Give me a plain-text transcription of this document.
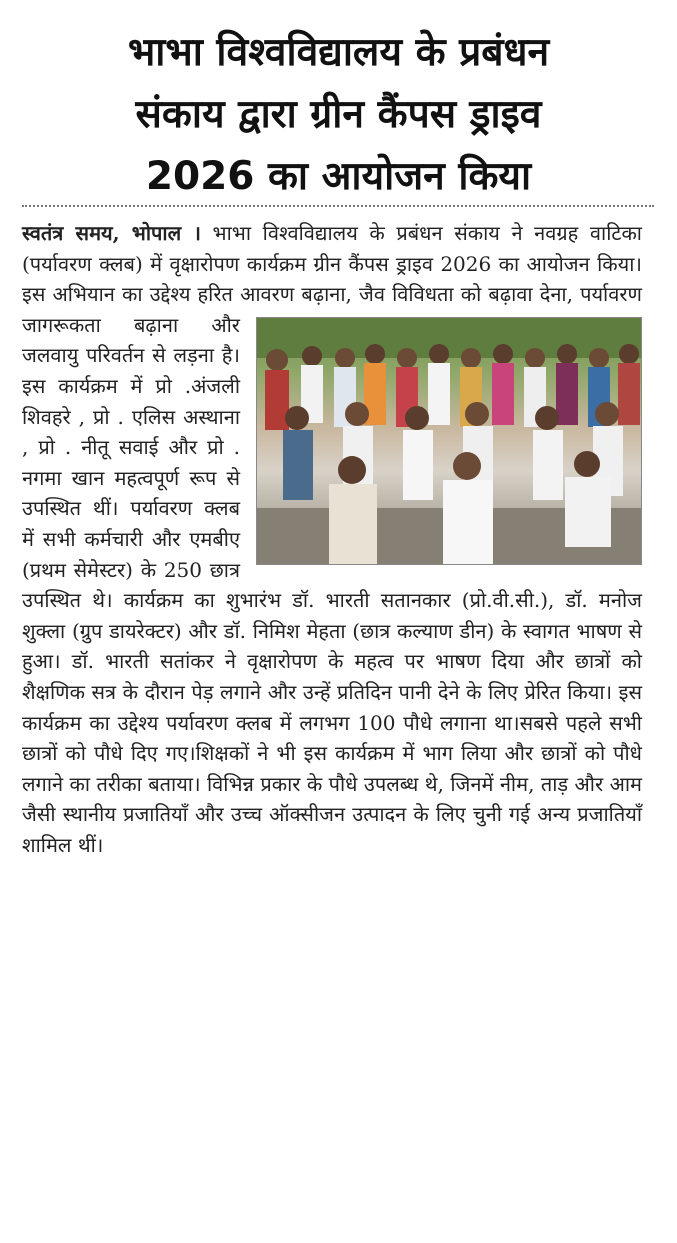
भाभा विश्वविद्यालय के प्रबंधन
संकाय द्वारा ग्रीन कैंपस ड्राइव
2026 का आयोजन किया

स्वतंत्र समय, भोपाल । भाभा विश्वविद्यालय के प्रबंधन संकाय ने नवग्रह वाटिका (पर्यावरण क्लब) में वृक्षारोपण कार्यक्रम ग्रीन कैंपस ड्राइव 2026 का आयोजन किया। इस अभियान का उद्देश्य हरित आवरण बढ़ाना, जैव विविधता को
बढ़ावा देना, पर्यावरण जागरूकता बढ़ाना और जलवायु परिवर्तन से लड़ना है। इस कार्यक्रम में प्रो .अंजली शिवहरे , प्रो . एलिस अस्थाना , प्रो . नीतू सवाई और प्रो . नगमा खान महत्वपूर्ण रूप से उपस्थित थीं। पर्यावरण क्लब में सभी कर्मचारी और एमबीए (प्रथम सेमेस्टर) के 250 छात्र उपस्थित थे। कार्यक्रम का शुभारंभ डॉ. भारती सतानकार (प्रो.वी.सी.), डॉ. मनोज शुक्ला (ग्रुप डायरेक्टर) और डॉ. निमिश मेहता (छात्र कल्याण डीन) के स्वागत भाषण से हुआ। डॉ. भारती सतांकर ने वृक्षारोपण के महत्व पर भाषण दिया और छात्रों को शैक्षणिक सत्र के दौरान पेड़ लगाने और उन्हें प्रतिदिन पानी देने के लिए प्रेरित किया। इस कार्यक्रम का उद्देश्य पर्यावरण क्लब में लगभग 100 पौधे लगाना था।सबसे पहले सभी छात्रों को पौधे दिए गए।शिक्षकों ने भी इस कार्यक्रम में भाग लिया और छात्रों को पौधे लगाने का तरीका बताया। विभिन्न प्रकार के पौधे उपलब्ध थे, जिनमें नीम, ताड़ और आम जैसी स्थानीय प्रजातियाँ और उच्च ऑक्सीजन उत्पादन के लिए चुनी गई अन्य प्रजातियाँ शामिल थीं।
